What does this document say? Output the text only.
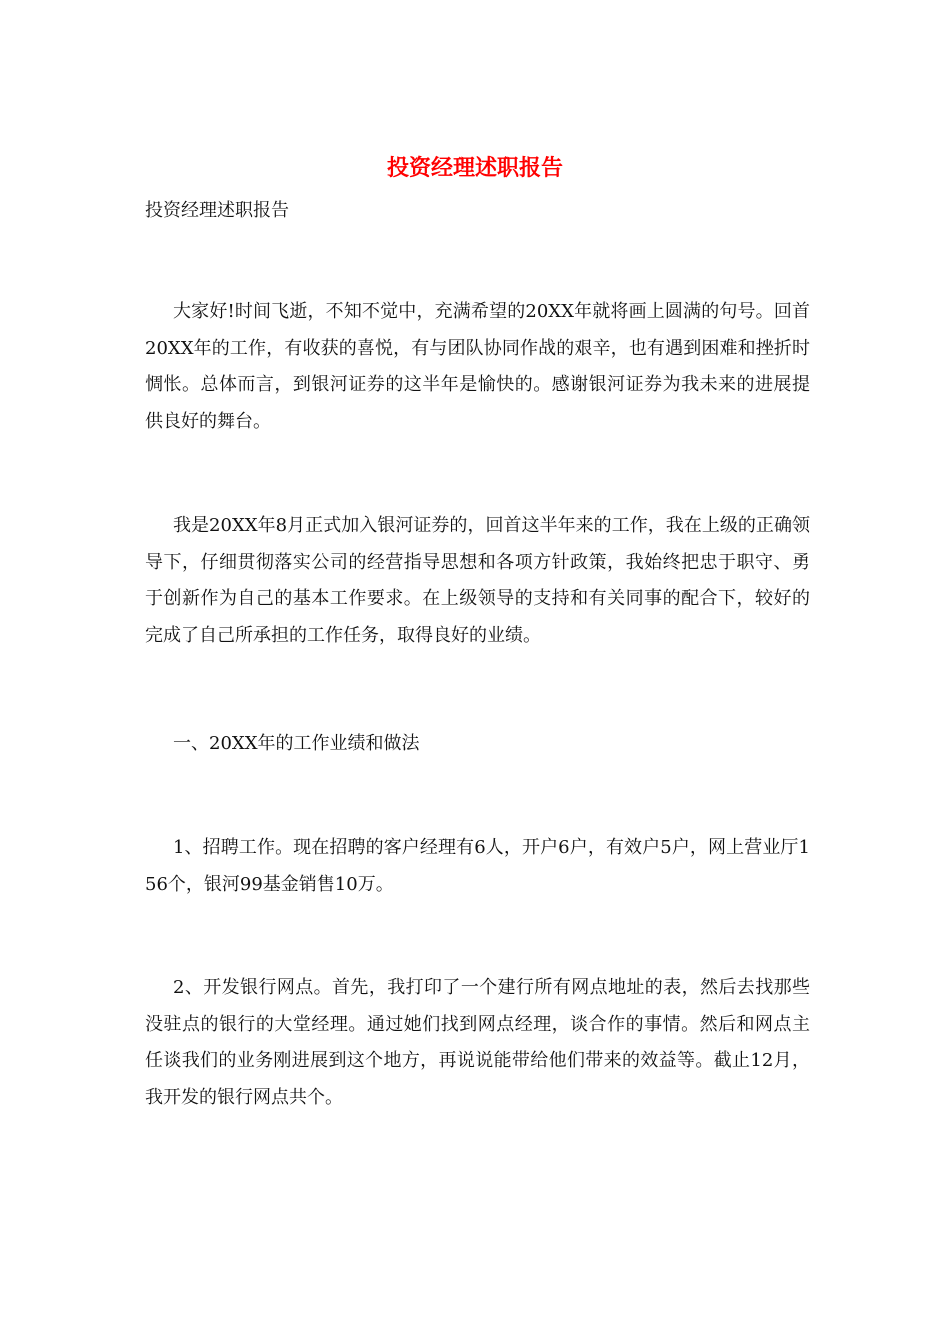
投资经理述职报告

投资经理述职报告

大家好!时间飞逝，不知不觉中，充满希望的20XX年就将画上圆满的句号。回首20XX年的工作，有收获的喜悦，有与团队协同作战的艰辛，也有遇到困难和挫折时惆怅。总体而言，到银河证券的这半年是愉快的。感谢银河证券为我未来的进展提供良好的舞台。

我是20XX年8月正式加入银河证券的，回首这半年来的工作，我在上级的正确领导下，仔细贯彻落实公司的经营指导思想和各项方针政策，我始终把忠于职守、勇于创新作为自己的基本工作要求。在上级领导的支持和有关同事的配合下，较好的完成了自己所承担的工作任务，取得良好的业绩。

一、20XX年的工作业绩和做法

1、招聘工作。现在招聘的客户经理有6人，开户6户，有效户5户，网上营业厅156个，银河99基金销售10万。

2、开发银行网点。首先，我打印了一个建行所有网点地址的表，然后去找那些没驻点的银行的大堂经理。通过她们找到网点经理，谈合作的事情。然后和网点主任谈我们的业务刚进展到这个地方，再说说能带给他们带来的效益等。截止12月，我开发的银行网点共个。
